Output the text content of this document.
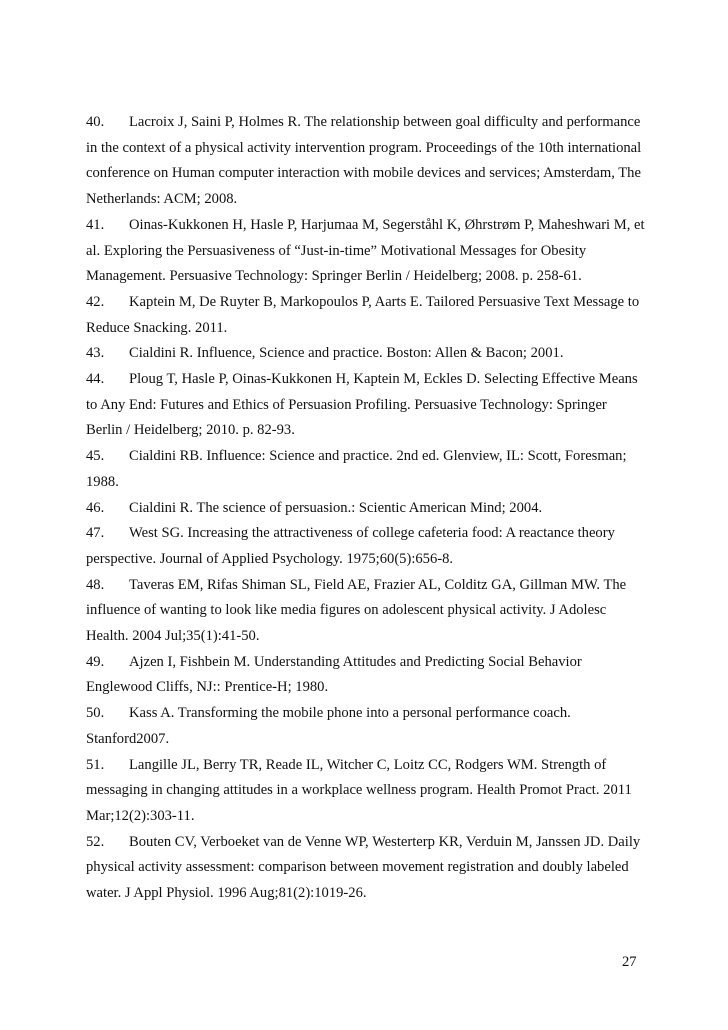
40. Lacroix J, Saini P, Holmes R. The relationship between goal difficulty and performance in the context of a physical activity intervention program. Proceedings of the 10th international conference on Human computer interaction with mobile devices and services; Amsterdam, The Netherlands: ACM; 2008.

41. Oinas-Kukkonen H, Hasle P, Harjumaa M, Segerståhl K, Øhrstrøm P, Maheshwari M, et al. Exploring the Persuasiveness of “Just-in-time” Motivational Messages for Obesity Management. Persuasive Technology: Springer Berlin / Heidelberg; 2008. p. 258-61.

42. Kaptein M, De Ruyter B, Markopoulos P, Aarts E. Tailored Persuasive Text Message to Reduce Snacking. 2011.

43. Cialdini R. Influence, Science and practice. Boston: Allen & Bacon; 2001.

44. Ploug T, Hasle P, Oinas-Kukkonen H, Kaptein M, Eckles D. Selecting Effective Means to Any End: Futures and Ethics of Persuasion Profiling. Persuasive Technology: Springer Berlin / Heidelberg; 2010. p. 82-93.

45. Cialdini RB. Influence: Science and practice. 2nd ed. Glenview, IL: Scott, Foresman; 1988.

46. Cialdini R. The science of persuasion.: Scientic American Mind; 2004.

47. West SG. Increasing the attractiveness of college cafeteria food: A reactance theory perspective. Journal of Applied Psychology. 1975;60(5):656-8.

48. Taveras EM, Rifas Shiman SL, Field AE, Frazier AL, Colditz GA, Gillman MW. The influence of wanting to look like media figures on adolescent physical activity. J Adolesc Health. 2004 Jul;35(1):41-50.

49. Ajzen I, Fishbein M. Understanding Attitudes and Predicting Social Behavior Englewood Cliffs, NJ:: Prentice-H; 1980.

50. Kass A. Transforming the mobile phone into a personal performance coach. Stanford2007.

51. Langille JL, Berry TR, Reade IL, Witcher C, Loitz CC, Rodgers WM. Strength of messaging in changing attitudes in a workplace wellness program. Health Promot Pract. 2011 Mar;12(2):303-11.

52. Bouten CV, Verboeket van de Venne WP, Westerterp KR, Verduin M, Janssen JD. Daily physical activity assessment: comparison between movement registration and doubly labeled water. J Appl Physiol. 1996 Aug;81(2):1019-26.

27
